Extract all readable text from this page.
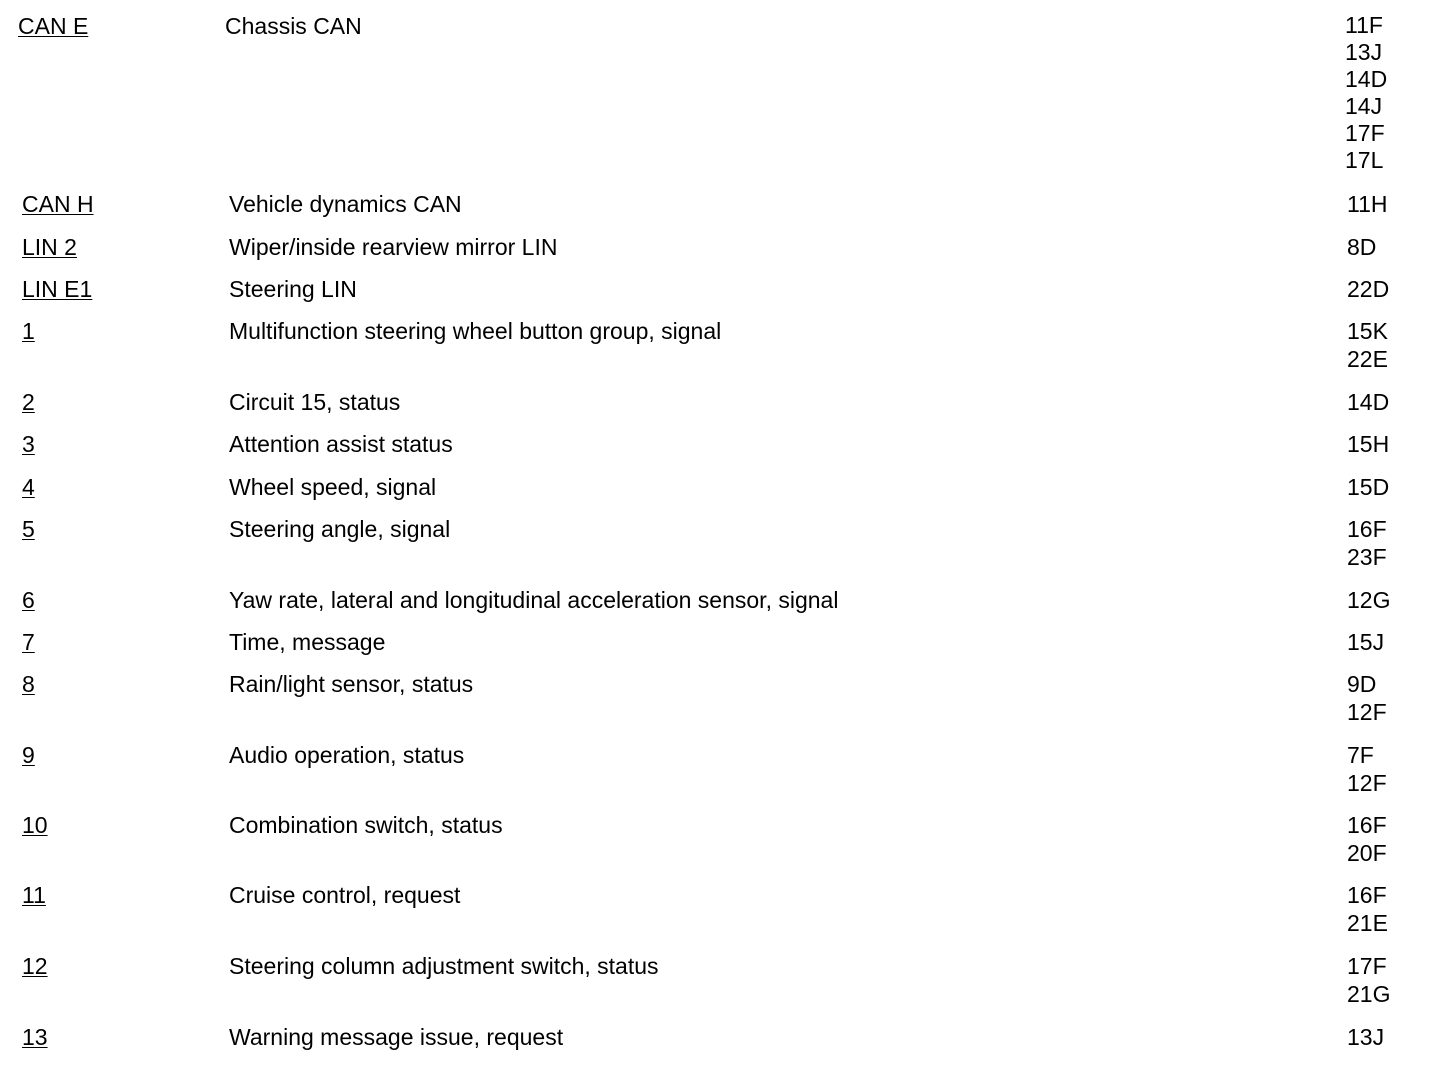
CAN E	Chassis CAN	11F
13J
14D
14J
17F
17L
CAN H	Vehicle dynamics CAN	11H
LIN 2	Wiper/inside rearview mirror LIN	8D
LIN E1	Steering LIN	22D
1	Multifunction steering wheel button group, signal	15K
22E
2	Circuit 15, status	14D
3	Attention assist status	15H
4	Wheel speed, signal	15D
5	Steering angle, signal	16F
23F
6	Yaw rate, lateral and longitudinal acceleration sensor, signal	12G
7	Time, message	15J
8	Rain/light sensor, status	9D
12F
9	Audio operation, status	7F
12F
10	Combination switch, status	16F
20F
11	Cruise control, request	16F
21E
12	Steering column adjustment switch, status	17F
21G
13	Warning message issue, request	13J
